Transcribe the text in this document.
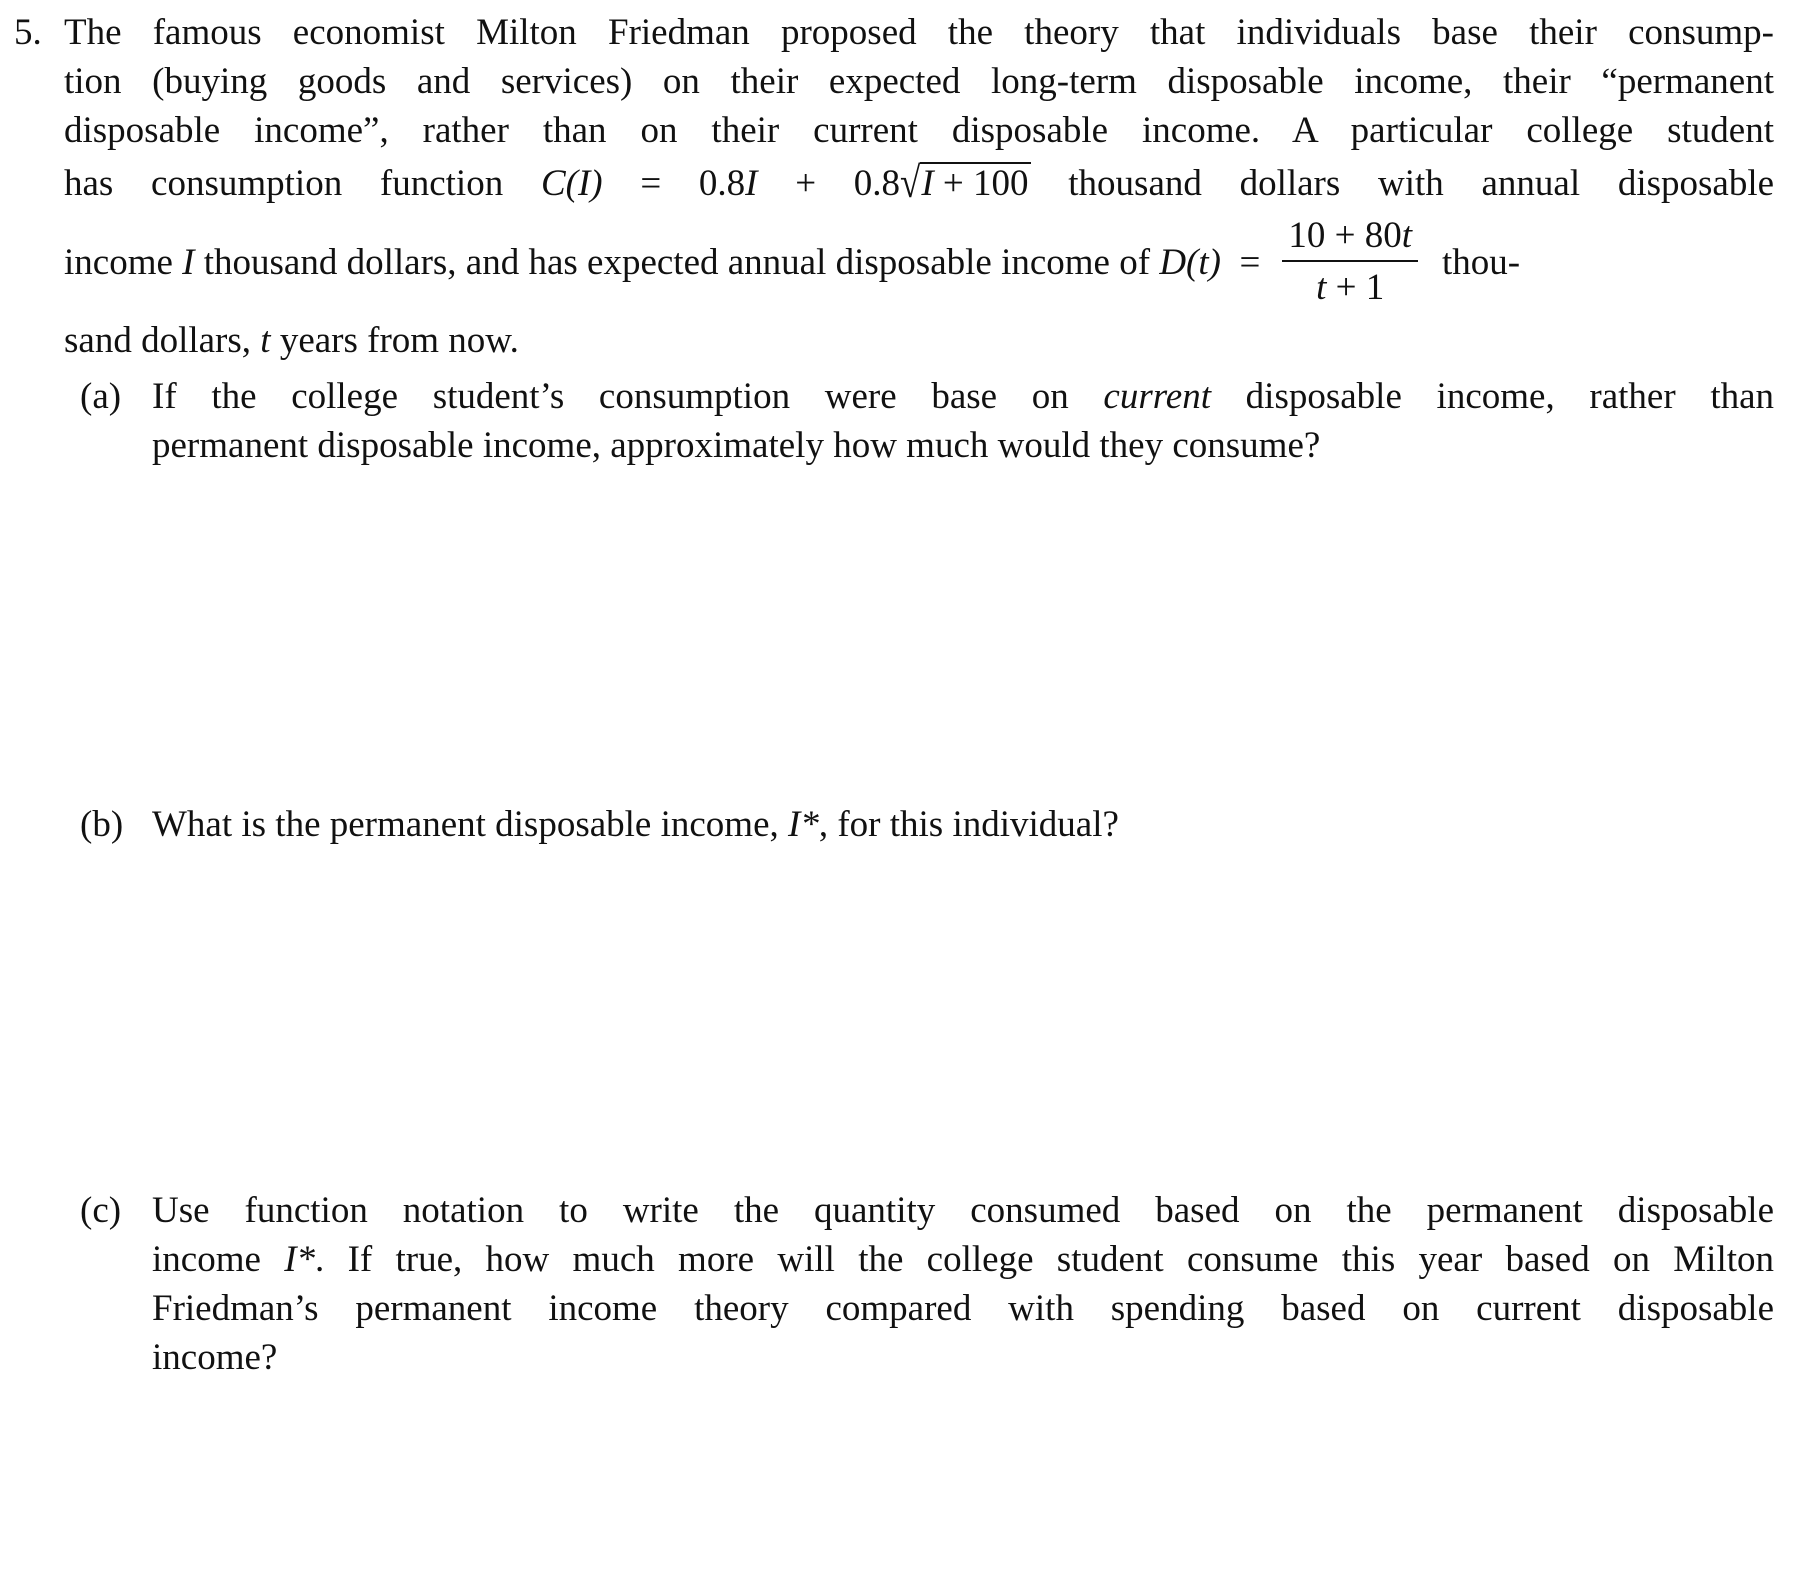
5. The famous economist Milton Friedman proposed the theory that individuals base their consump-
tion (buying goods and services) on their expected long-term disposable income, their “permanent
disposable income”, rather than on their current disposable income. A particular college student
has consumption function C(I) = 0.8I + 0.8√I + 100 thousand dollars with annual disposable
income
I
thousand dollars, and has expected annual disposable income of
D (t)
= $\frac{10 + 80t}{t + 1}$ thou-
sand dollars, t years from now.
(a) If the college student’s consumption were base on current disposable income, rather than
permanent disposable income, approximately how much would they consume?
(b) What is the permanent disposable income, I*, for this individual?
(c) Use function notation to write the quantity consumed based on the permanent disposable
income I*. If true, how much more will the college student consume this year based on Milton
Friedman’s permanent income theory compared with spending based on current disposable
income?
